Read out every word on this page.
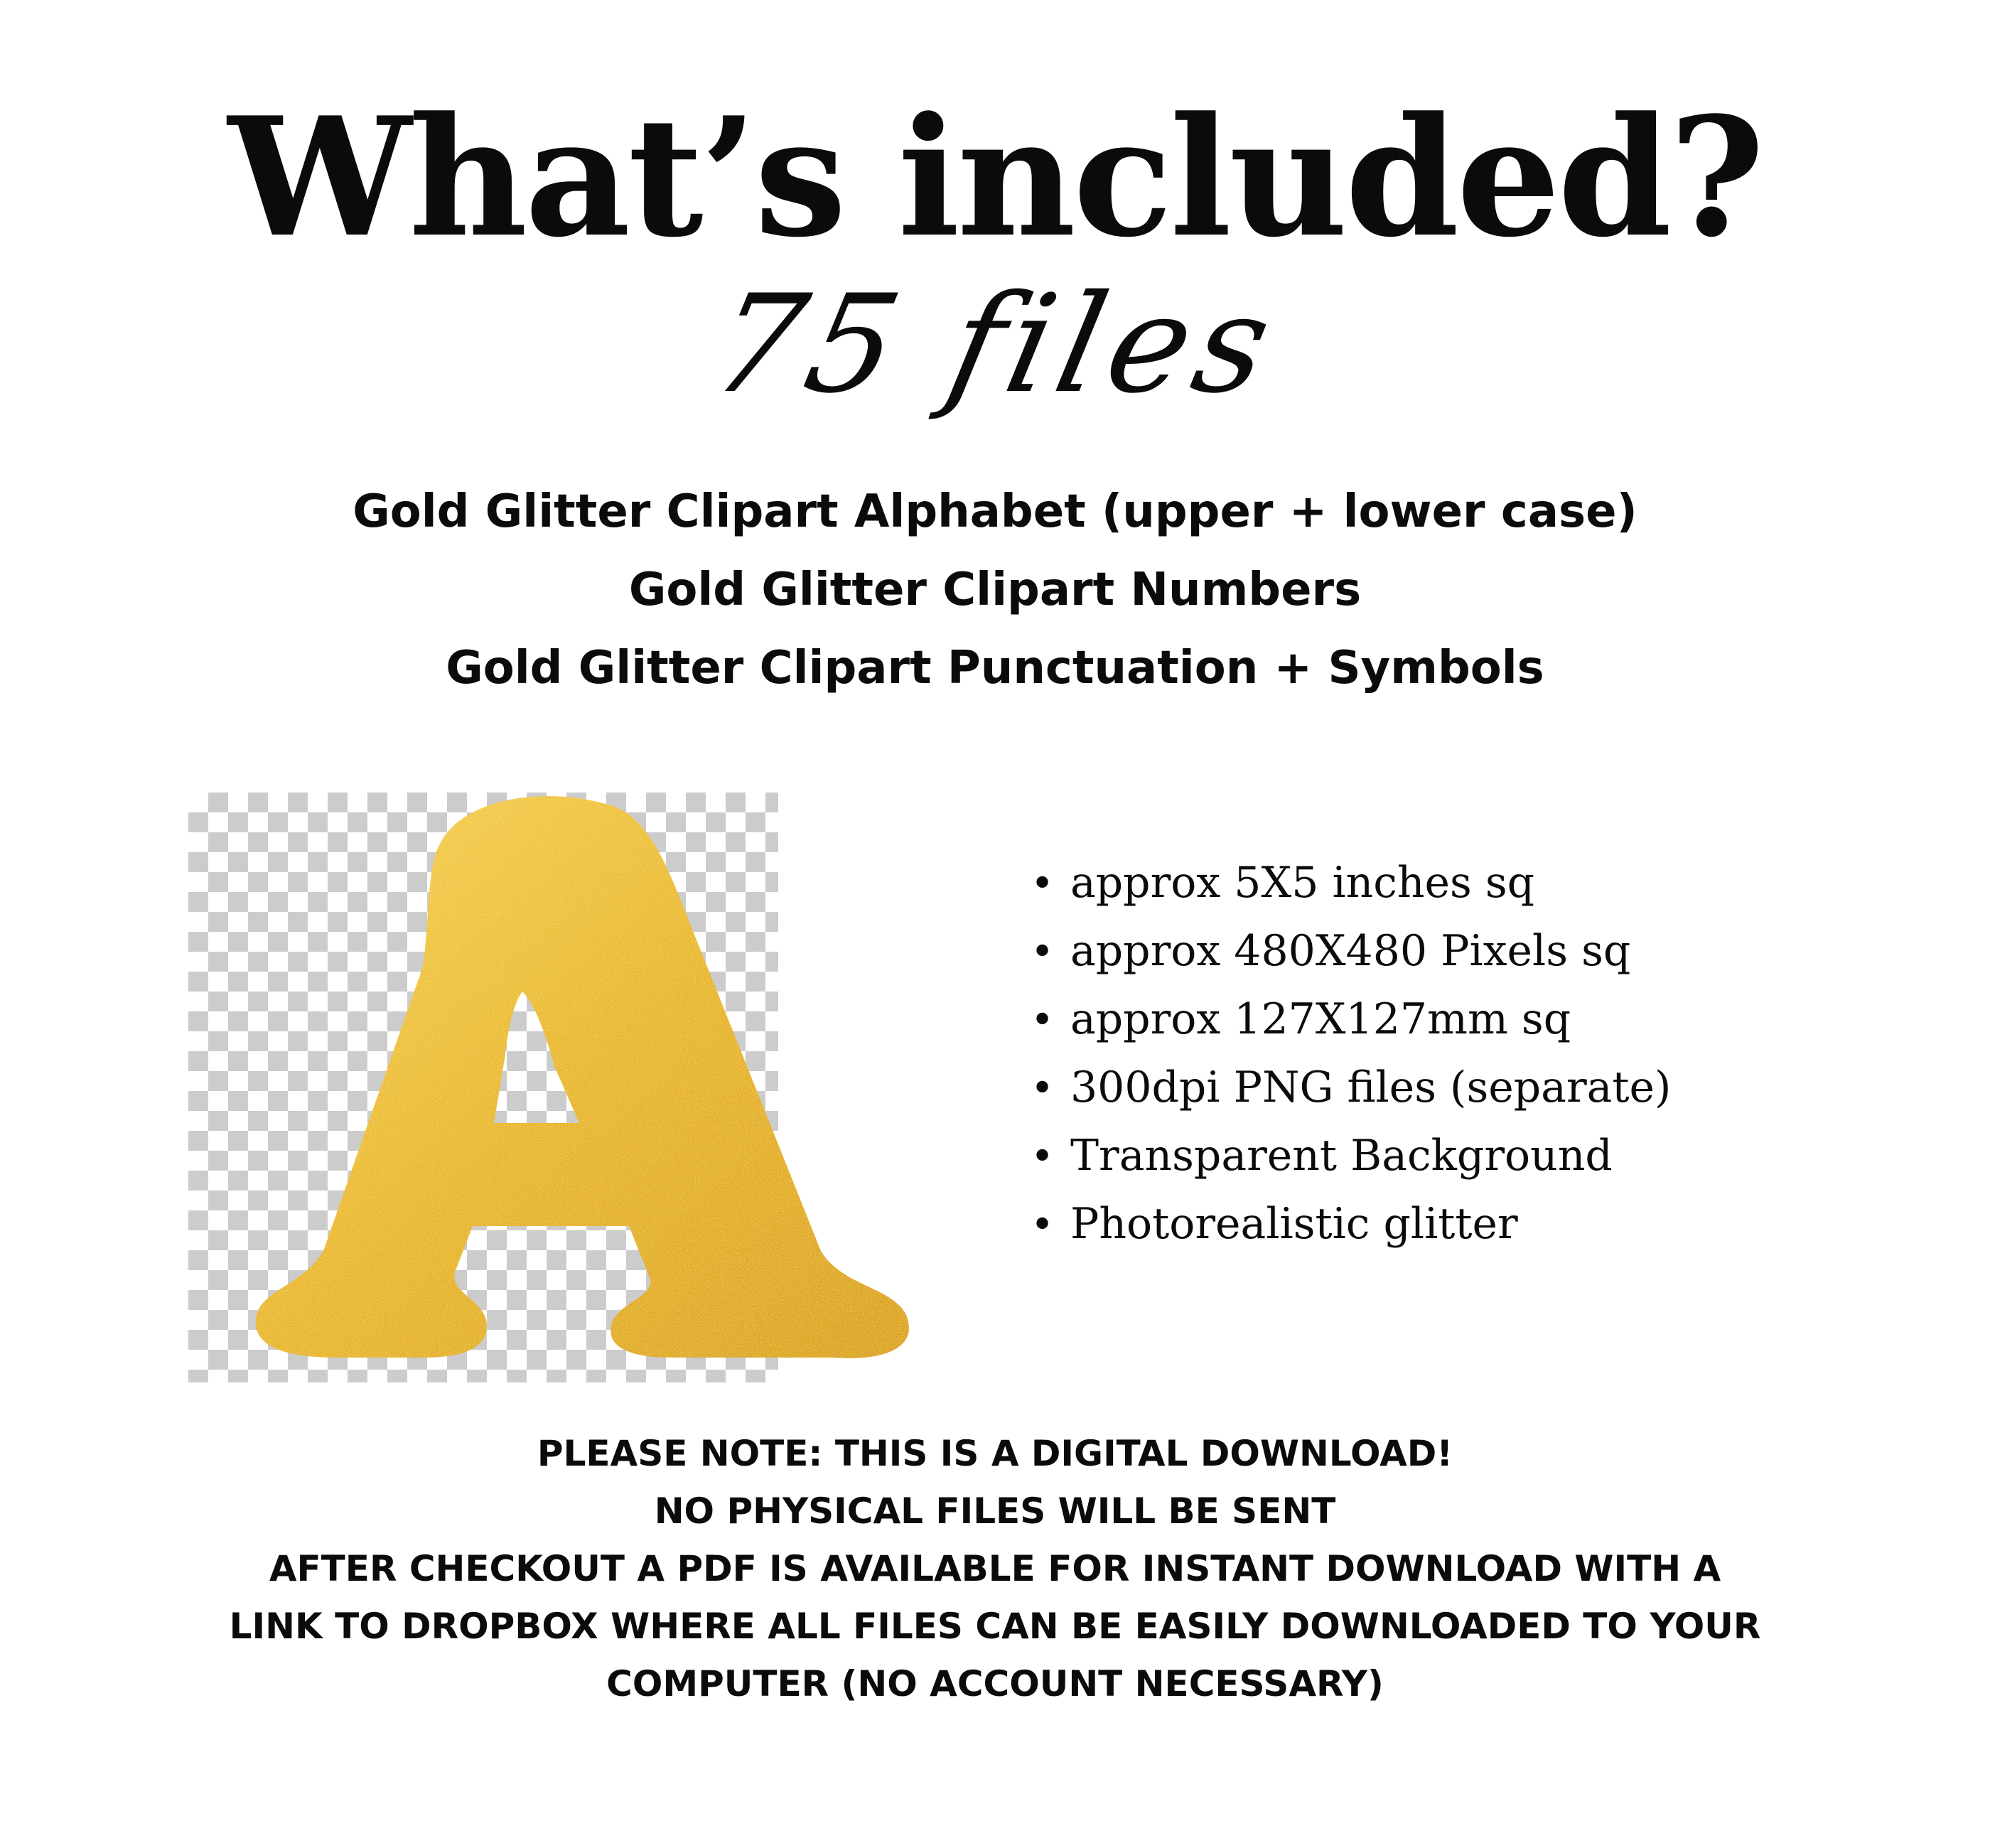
What’s included?
75 files
Gold Glitter Clipart Alphabet (upper + lower case)
Gold Glitter Clipart Numbers
Gold Glitter Clipart Punctuation + Symbols
• approx 5X5 inches sq
• approx 480X480 Pixels sq
• approx 127X127mm sq
• 300dpi PNG files (separate)
• Transparent Background
• Photorealistic glitter
PLEASE NOTE: THIS IS A DIGITAL DOWNLOAD!
NO PHYSICAL FILES WILL BE SENT
AFTER CHECKOUT A PDF IS AVAILABLE FOR INSTANT DOWNLOAD WITH A
LINK TO DROPBOX WHERE ALL FILES CAN BE EASILY DOWNLOADED TO YOUR
COMPUTER (NO ACCOUNT NECESSARY)
